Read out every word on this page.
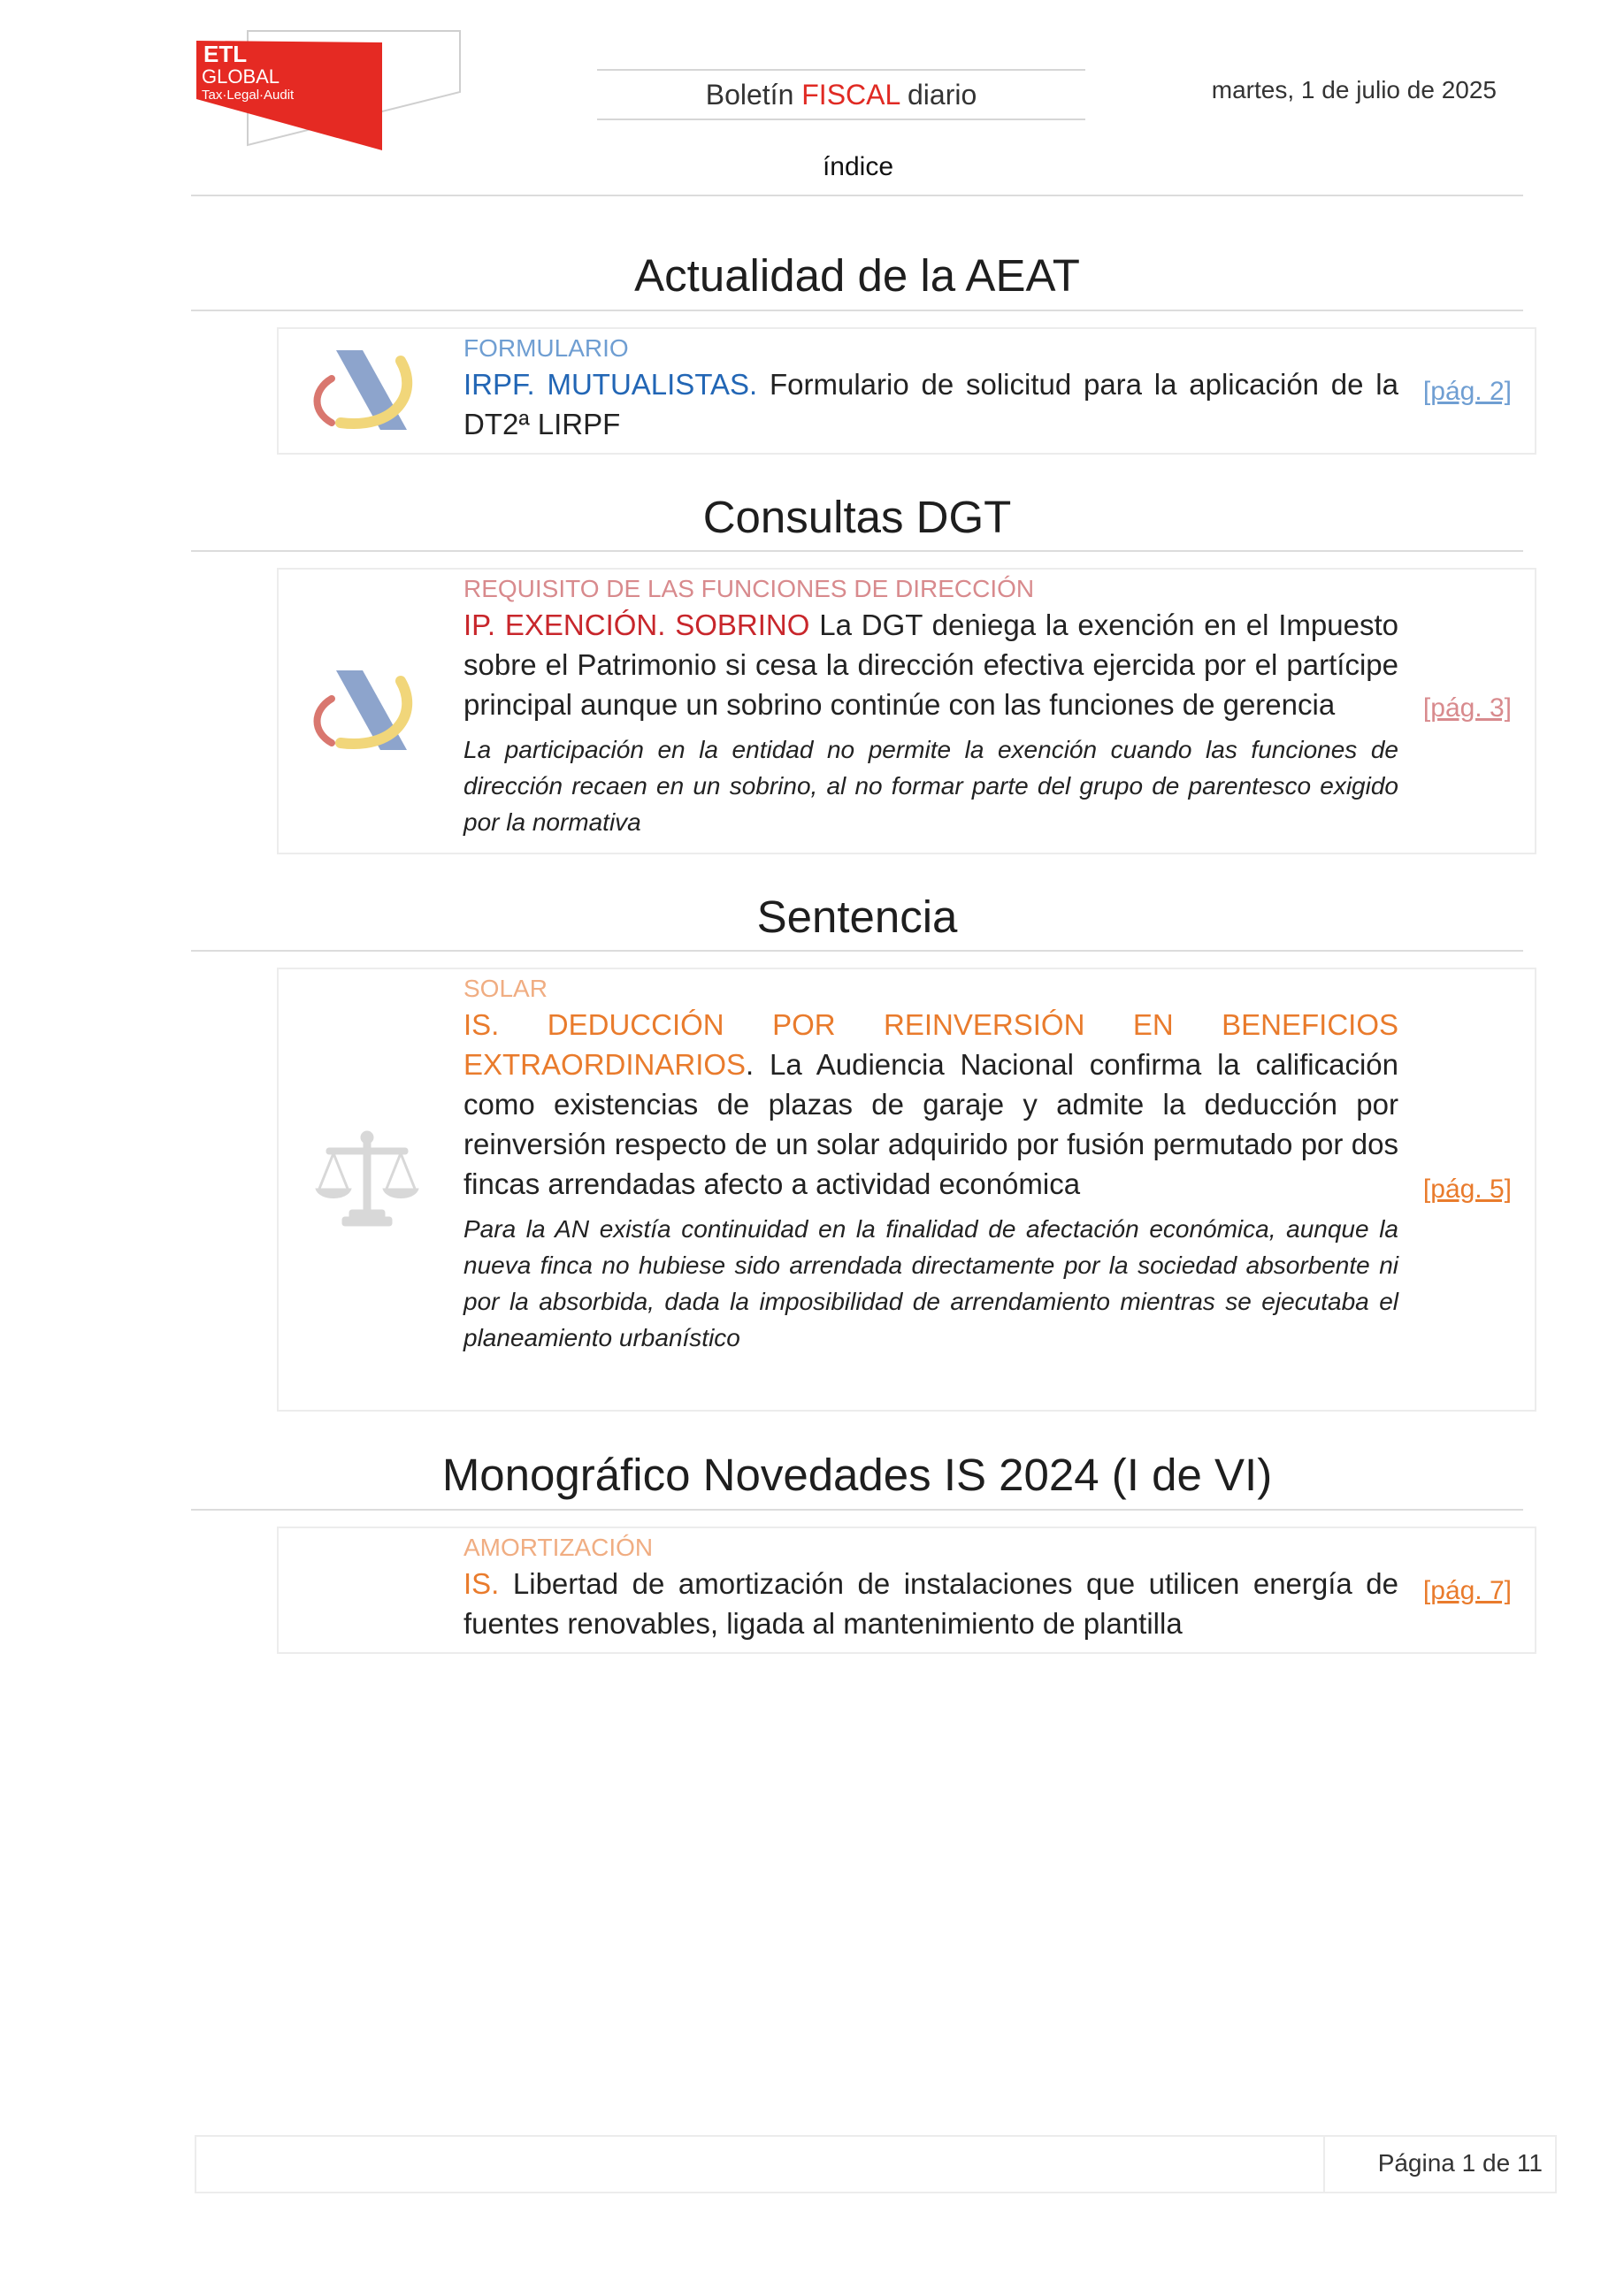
ETL
GLOBAL
Tax·Legal·Audit	Boletín FISCAL diario	martes, 1 de julio de 2025
índice
Actualidad de la AEAT
FORMULARIO
IRPF. MUTUALISTAS. Formulario de solicitud para la aplicación de la DT2ª LIRPF
[pág. 2]
Consultas DGT
REQUISITO DE LAS FUNCIONES DE DIRECCIÓN
IP. EXENCIÓN. SOBRINO La DGT deniega la exención en el Impuesto sobre el Patrimonio si cesa la dirección efectiva ejercida por el partícipe principal aunque un sobrino continúe con las funciones de gerencia
La participación en la entidad no permite la exención cuando las funciones de dirección recaen en un sobrino, al no formar parte del grupo de parentesco exigido por la normativa
[pág. 3]
Sentencia
SOLAR
IS. DEDUCCIÓN POR REINVERSIÓN EN BENEFICIOS EXTRAORDINARIOS. La Audiencia Nacional confirma la calificación como existencias de plazas de garaje y admite la deducción por reinversión respecto de un solar adquirido por fusión permutado por dos fincas arrendadas afecto a actividad económica
Para la AN existía continuidad en la finalidad de afectación económica, aunque la nueva finca no hubiese sido arrendada directamente por la sociedad absorbente ni por la absorbida, dada la imposibilidad de arrendamiento mientras se ejecutaba el planeamiento urbanístico
[pág. 5]
Monográfico Novedades IS 2024 (I de VI)
AMORTIZACIÓN
IS. Libertad de amortización de instalaciones que utilicen energía de fuentes renovables, ligada al mantenimiento de plantilla
[pág. 7]
Página 1 de 11
